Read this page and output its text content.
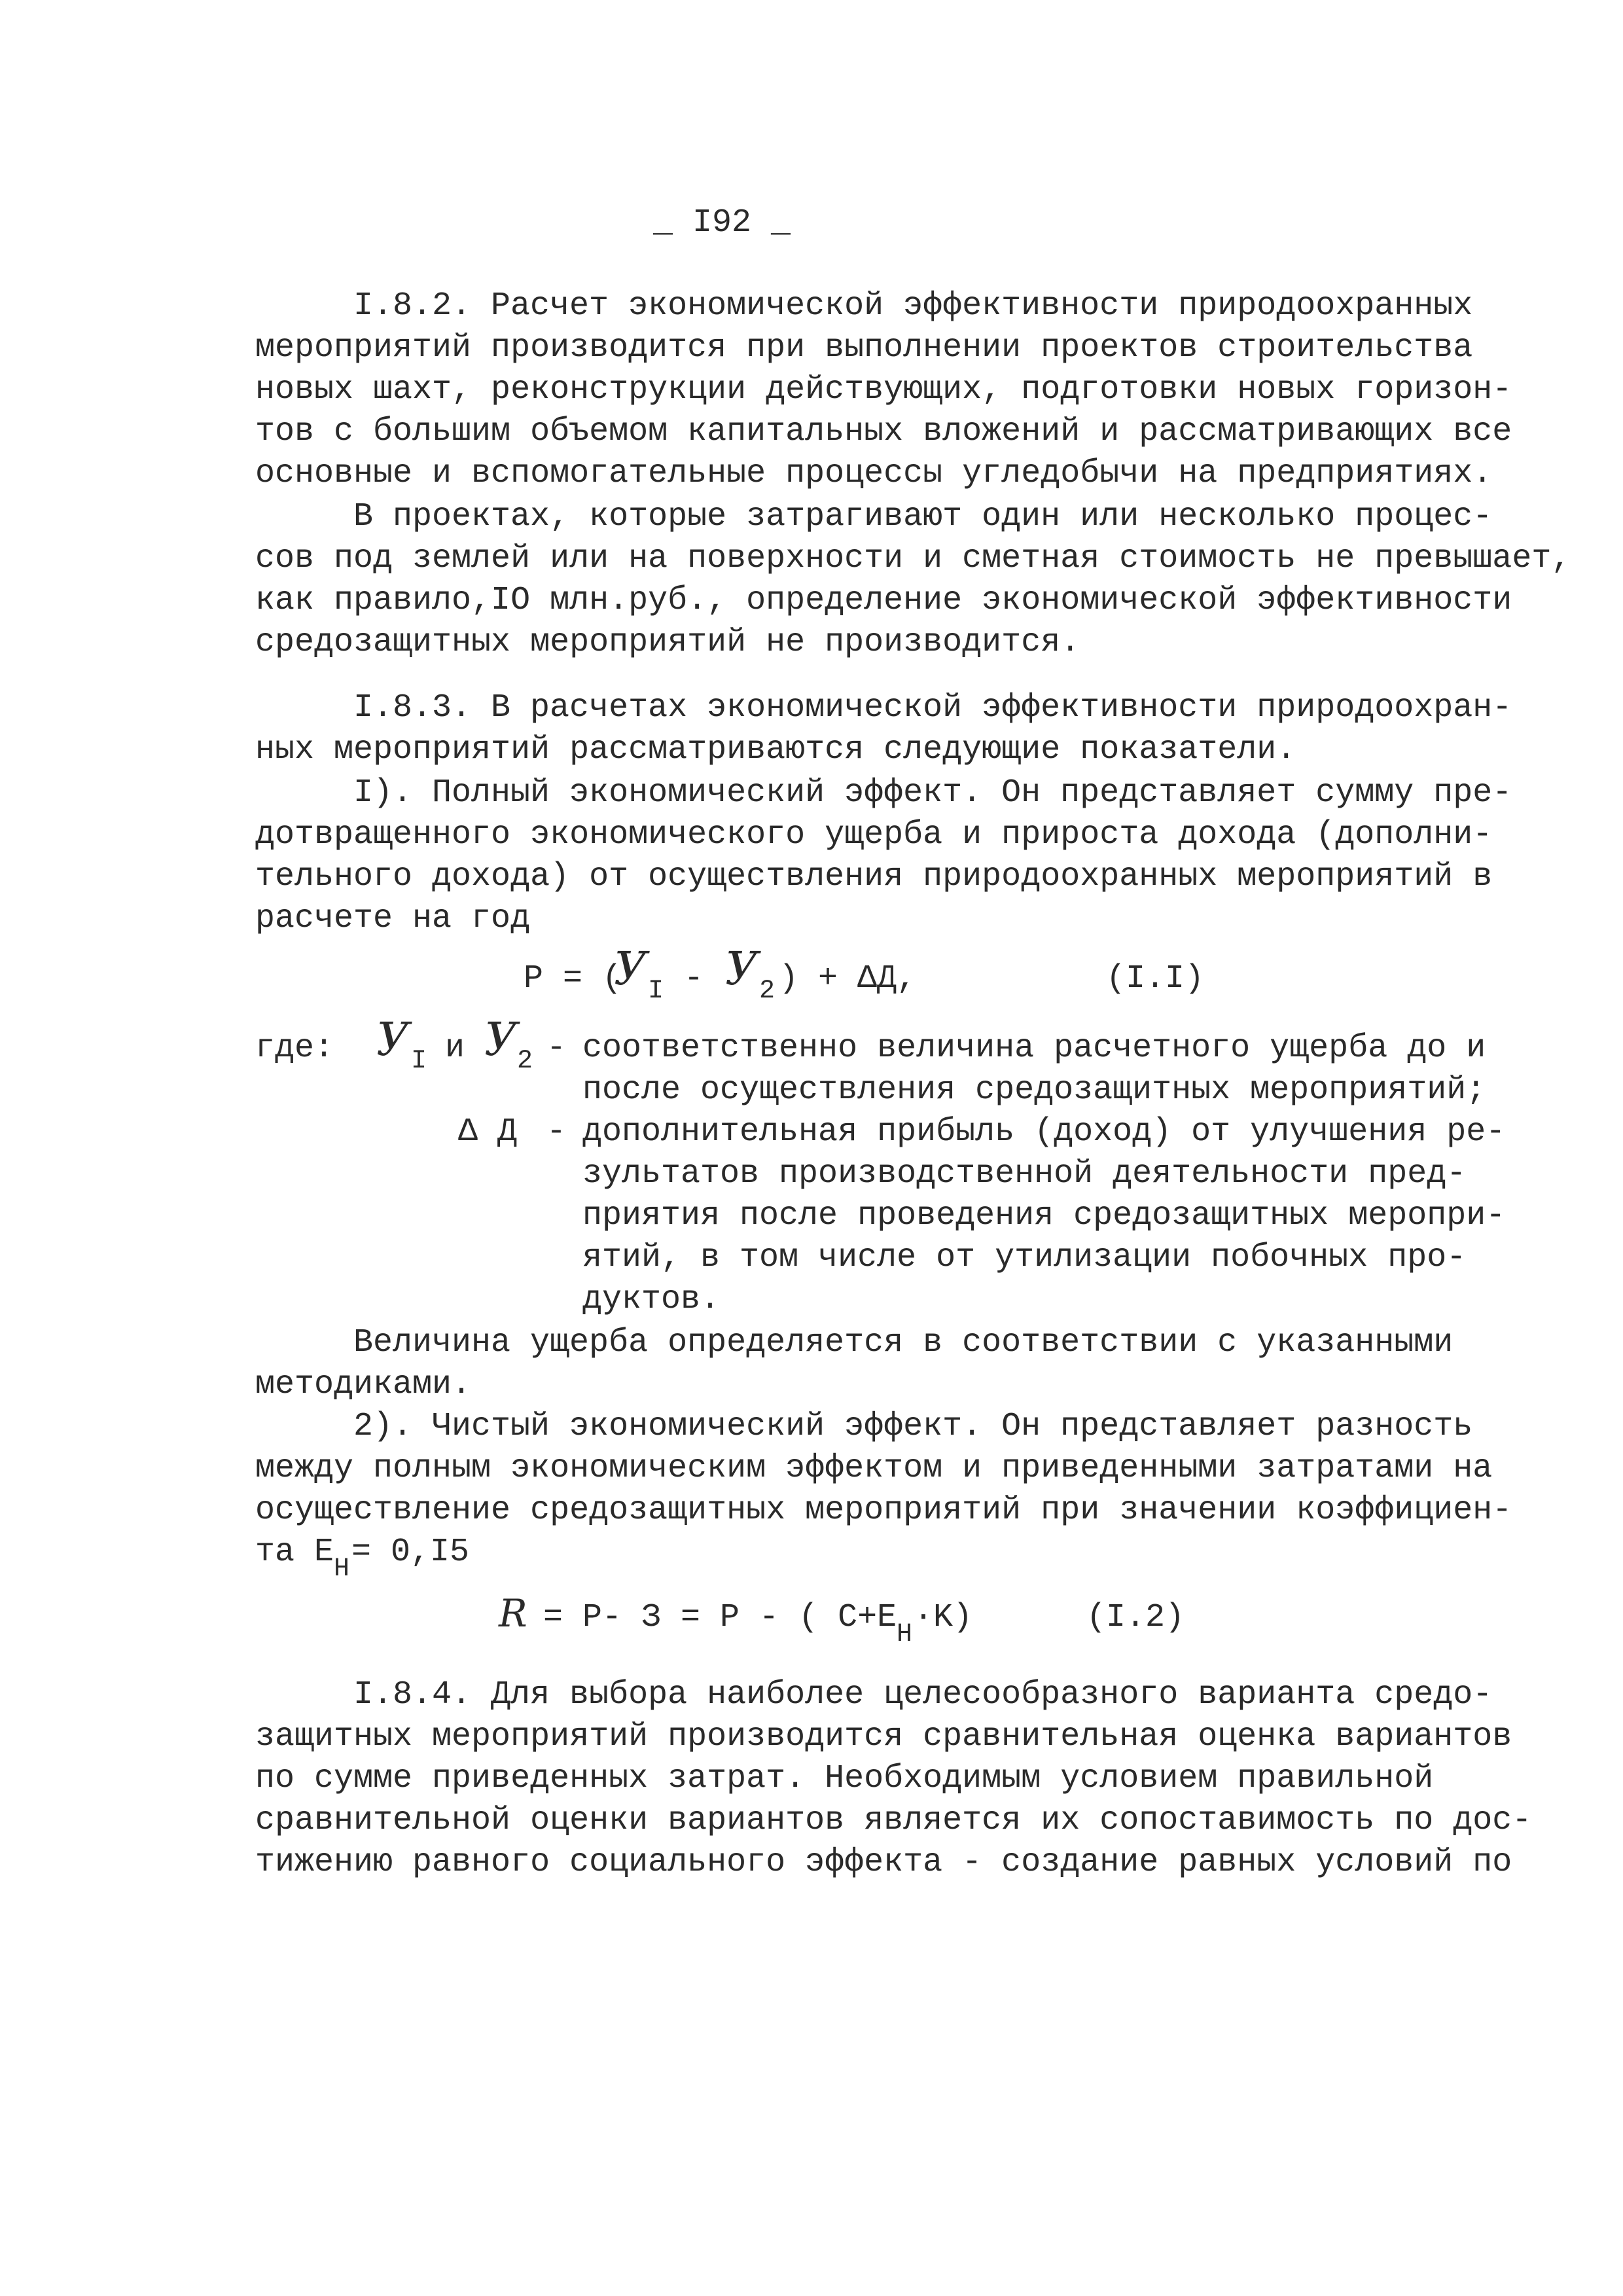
_ I92 _
I.8.2. Расчет экономической эффективности природоохранных
мероприятий производится при выполнении проектов строительства
новых шахт, реконструкции действующих, подготовки новых горизон-
тов с большим объемом капитальных вложений и рассматривающих все
основные и вспомогательные процессы угледобычи на предприятиях.
В проектах, которые затрагивают один или несколько процес-
сов под землей или на поверхности и сметная стоимость не превышает,
как правило,IO млн.руб., определение экономической эффективности
средозащитных мероприятий не производится.
I.8.3. В расчетах экономической эффективности природоохран-
ных мероприятий рассматриваются следующие показатели.
I). Полный экономический эффект. Он представляет сумму пре-
дотвращенного экономического ущерба и прироста дохода (дополни-
тельного дохода) от осуществления природоохранных мероприятий в
расчете на год
P = (
У I - У 2 ) + ΔД,	(I.I)
где: У I и У 2 - соответственно величина расчетного ущерба до и
после осуществления средозащитных мероприятий;
Δ Д - дополнительная прибыль (доход) от улучшения ре-
зультатов производственной деятельности пред-
приятия после проведения средозащитных меропри-
ятий, в том числе от утилизации побочных про-
дуктов.
Величина ущерба определяется в соответствии с указанными
методиками.
2). Чистый экономический эффект. Он представляет разность
между полным экономическим эффектом и приведенными затратами на
осуществление средозащитных мероприятий при значении коэффициен-
та Е Н = 0,I5
R
= P- З = P - ( C+E Н ·K)	(I.2)
I.8.4. Для выбора наиболее целесообразного варианта средо-
защитных мероприятий производится сравнительная оценка вариантов
по сумме приведенных затрат. Необходимым условием правильной
сравнительной оценки вариантов является их сопоставимость по дос-
тижению равного социального эффекта - создание равных условий по
